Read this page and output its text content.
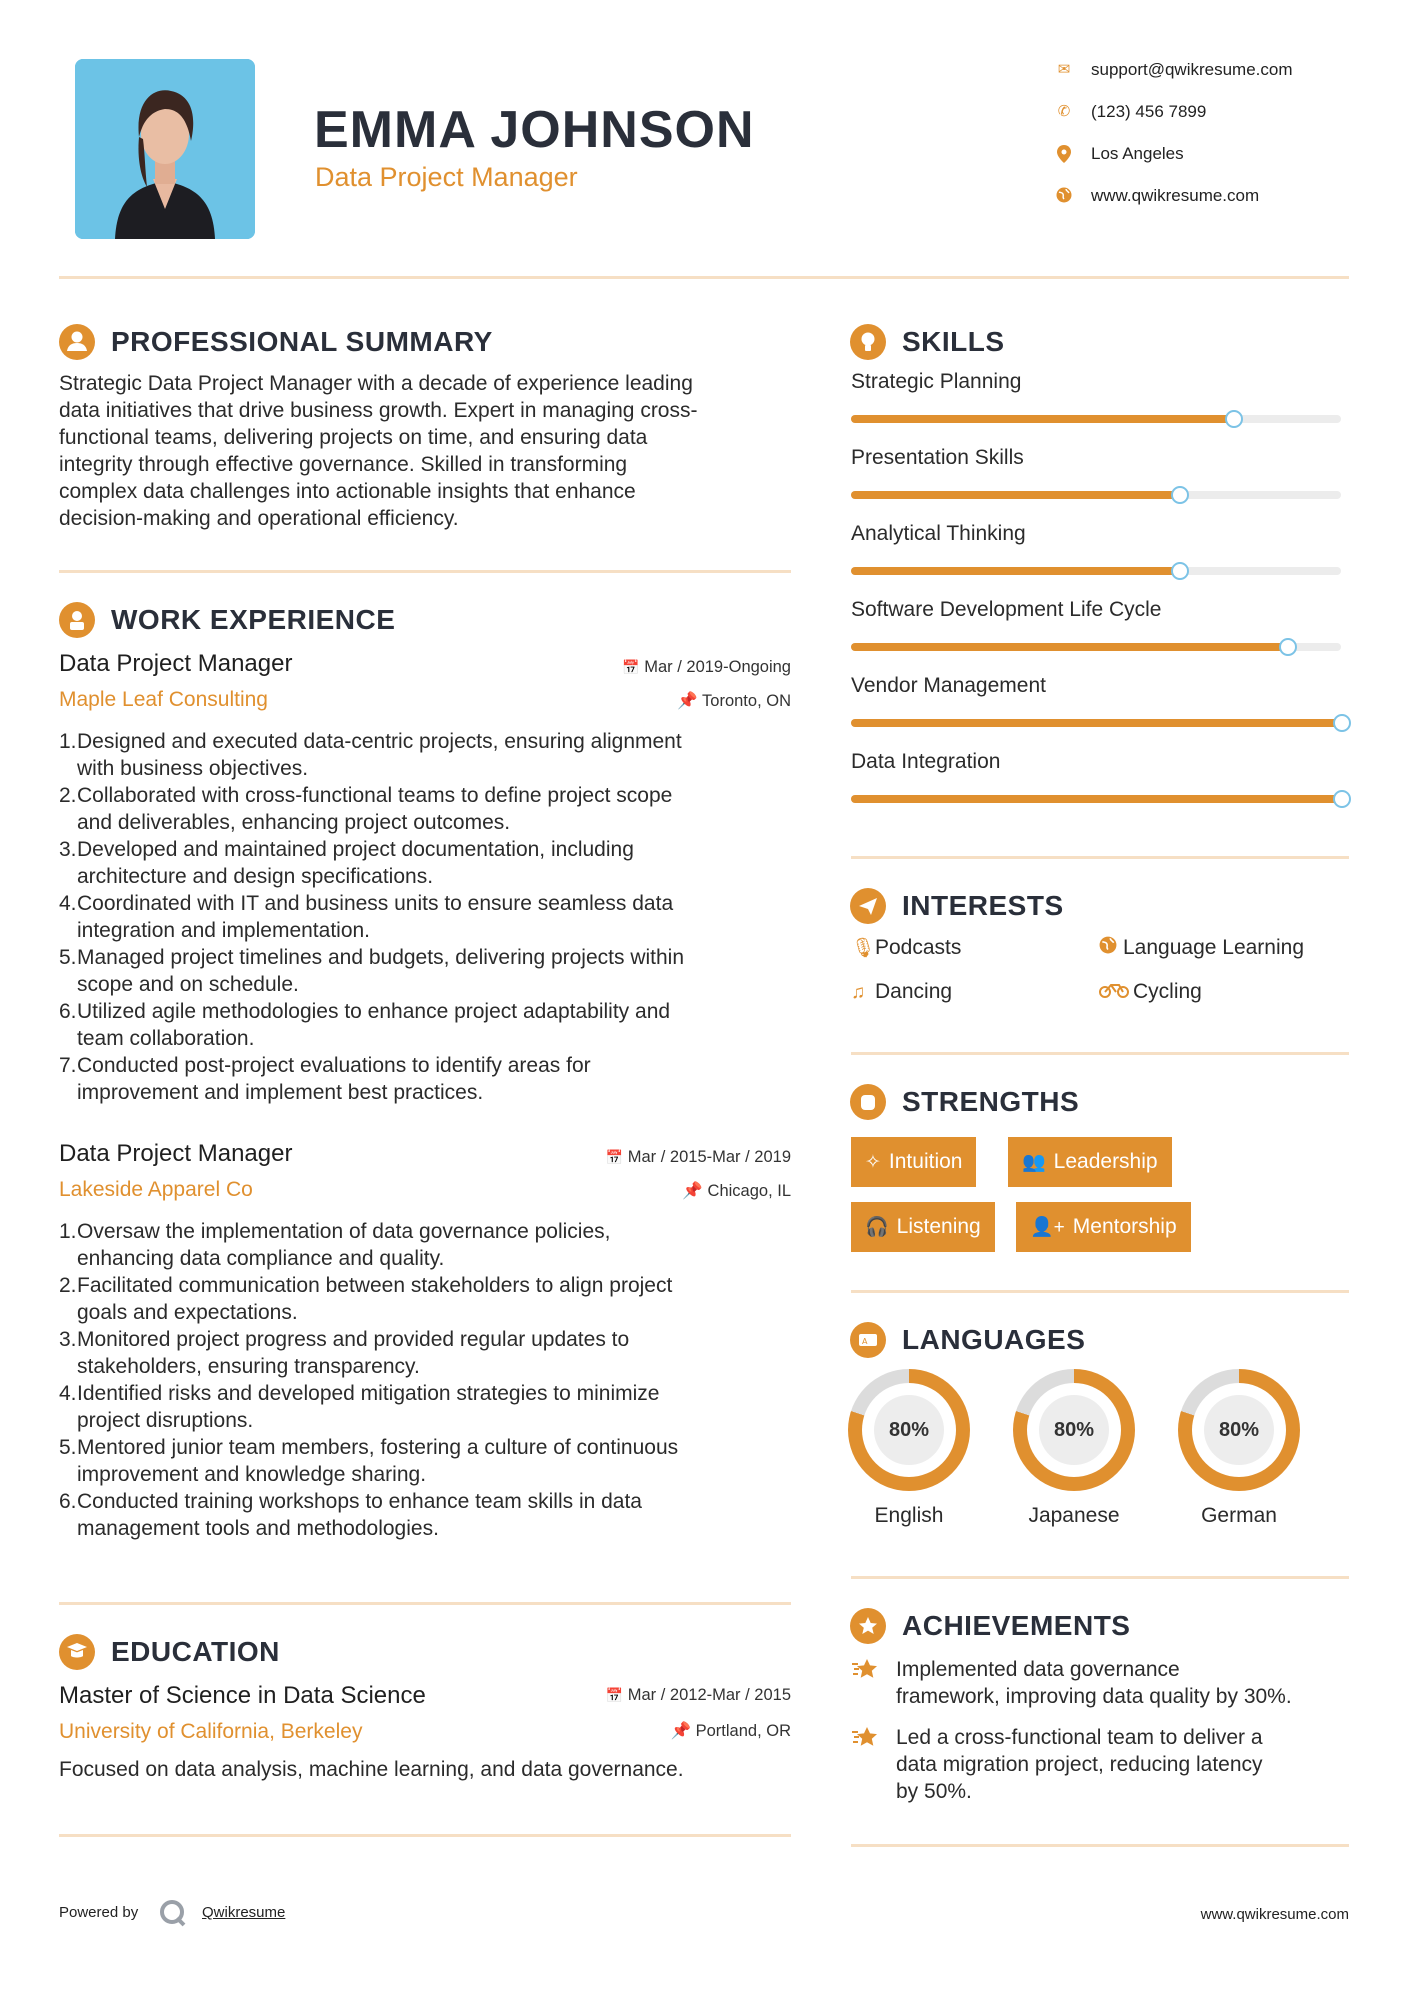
EMMA JOHNSON
Data Project Manager
✉ support@qwikresume.com
✆ (123) 456 7899
Los Angeles
www.qwikresume.com
PROFESSIONAL SUMMARY
Strategic Data Project Manager with a decade of experience leading
data initiatives that drive business growth. Expert in managing cross-
functional teams, delivering projects on time, and ensuring data
integrity through effective governance. Skilled in transforming
complex data challenges into actionable insights that enhance
decision-making and operational efficiency.
WORK EXPERIENCE
Data Project Manager	📅 Mar / 2019-Ongoing
Maple Leaf Consulting	📌 Toronto, ON
1. Designed and executed data-centric projects, ensuring alignment
with business objectives.
2. Collaborated with cross-functional teams to define project scope
and deliverables, enhancing project outcomes.
3. Developed and maintained project documentation, including
architecture and design specifications.
4. Coordinated with IT and business units to ensure seamless data
integration and implementation.
5. Managed project timelines and budgets, delivering projects within
scope and on schedule.
6. Utilized agile methodologies to enhance project adaptability and
team collaboration.
7. Conducted post-project evaluations to identify areas for
improvement and implement best practices.
Data Project Manager	📅 Mar / 2015-Mar / 2019
Lakeside Apparel Co	📌 Chicago, IL
1. Oversaw the implementation of data governance policies,
enhancing data compliance and quality.
2. Facilitated communication between stakeholders to align project
goals and expectations.
3. Monitored project progress and provided regular updates to
stakeholders, ensuring transparency.
4. Identified risks and developed mitigation strategies to minimize
project disruptions.
5. Mentored junior team members, fostering a culture of continuous
improvement and knowledge sharing.
6. Conducted training workshops to enhance team skills in data
management tools and methodologies.
EDUCATION
Master of Science in Data Science	📅 Mar / 2012-Mar / 2015
University of California, Berkeley	📌 Portland, OR
Focused on data analysis, machine learning, and data governance.
SKILLS
Strategic Planning
Presentation Skills
Analytical Thinking
Software Development Life Cycle
Vendor Management
Data Integration
INTERESTS
🎙Podcasts	Language Learning
♫ Dancing	Cycling
STRENGTHS
✧ Intuition	👥 Leadership
🎧 Listening	👤+ Mentorship
A LANGUAGES
80%
English
80%
Japanese
80%
German
ACHIEVEMENTS
Implemented data governance
framework, improving data quality by 30%.
Led a cross-functional team to deliver a
data migration project, reducing latency
by 50%.
Powered by	Qwikresume	www.qwikresume.com
